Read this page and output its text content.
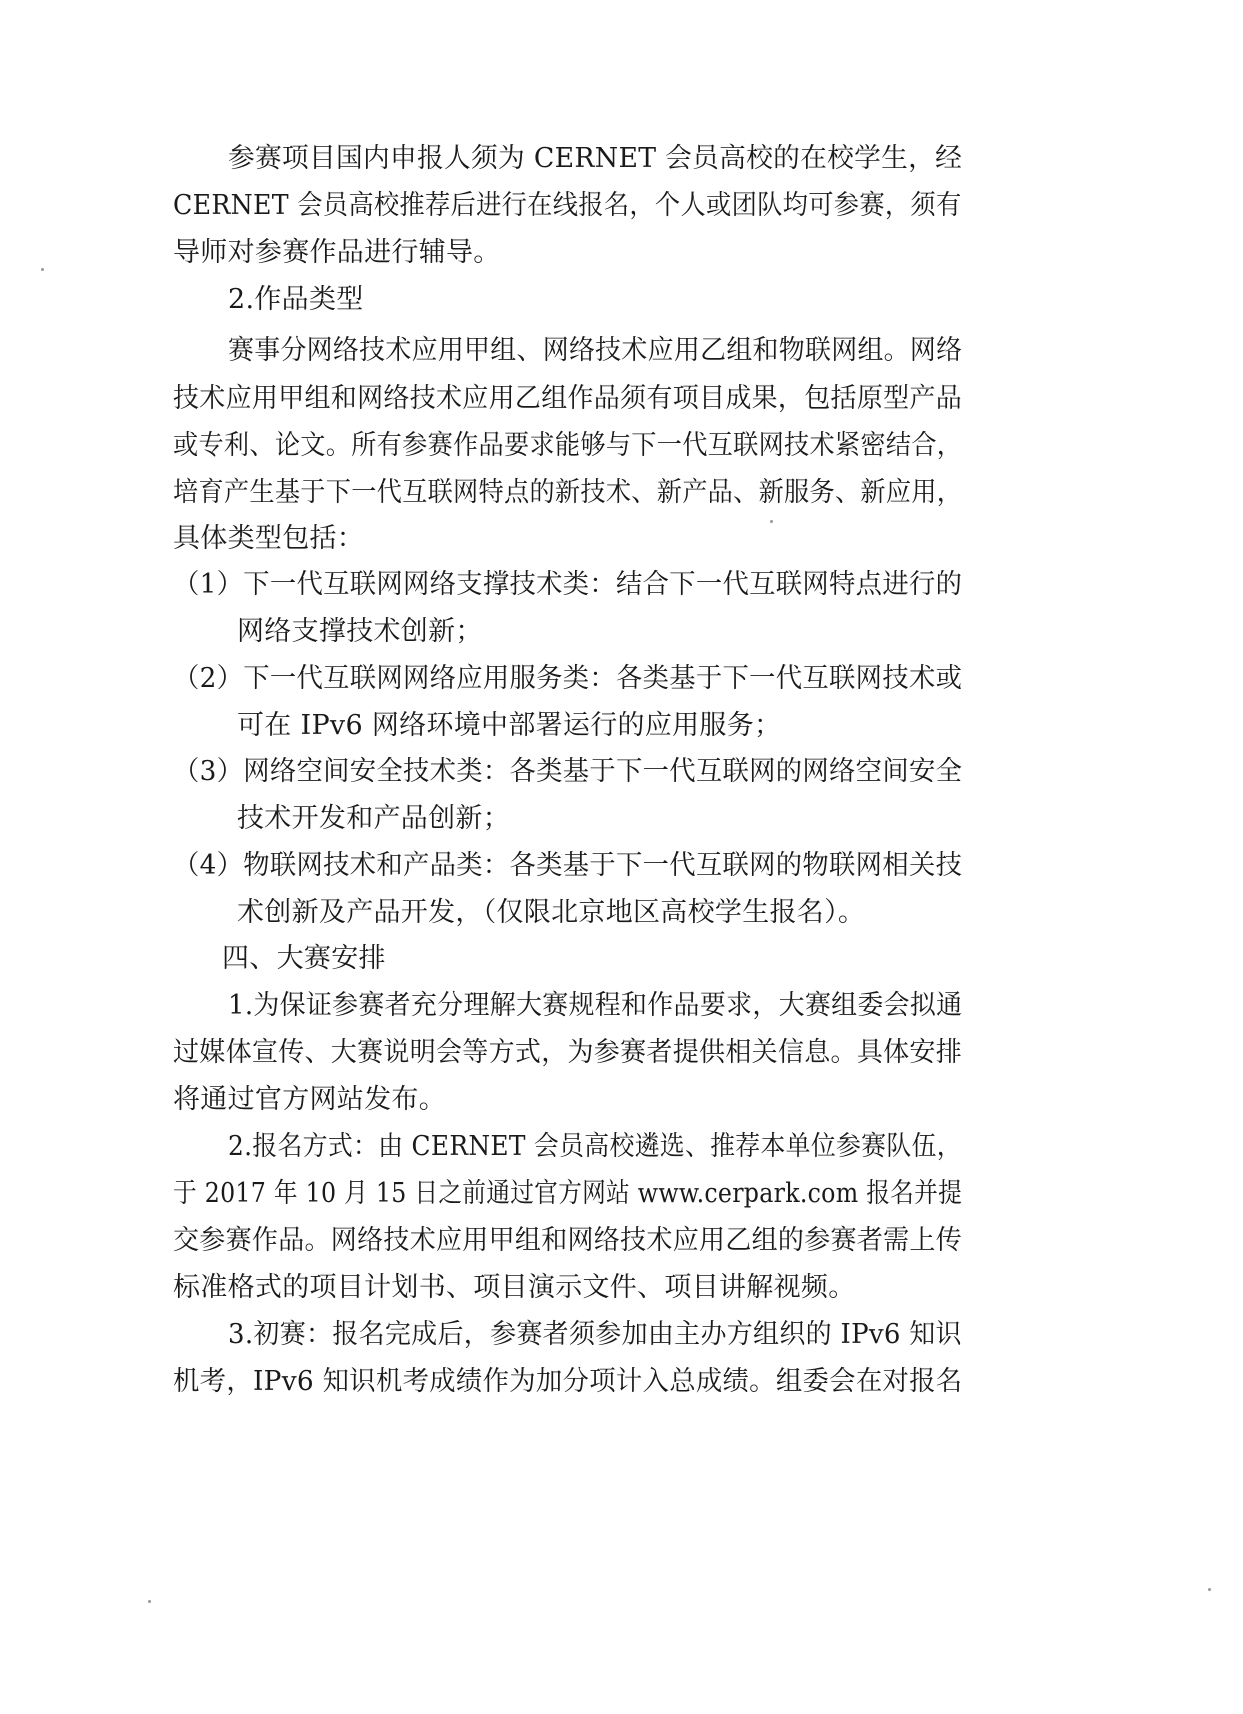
参赛项目国内申报人须为 CERNET 会员高校的在校学生，经
CERNET 会员高校推荐后进行在线报名，个人或团队均可参赛，须有
导师对参赛作品进行辅导。
2.作品类型
赛事分网络技术应用甲组、网络技术应用乙组和物联网组。网络
技术应用甲组和网络技术应用乙组作品须有项目成果，包括原型产品
或专利、论文。所有参赛作品要求能够与下一代互联网技术紧密结合，
培育产生基于下一代互联网特点的新技术、新产品、新服务、新应用，
具体类型包括：
（1）下一代互联网网络支撑技术类：结合下一代互联网特点进行的
网络支撑技术创新；
（2）下一代互联网网络应用服务类：各类基于下一代互联网技术或
可在 IPv6 网络环境中部署运行的应用服务；
（3）网络空间安全技术类：各类基于下一代互联网的网络空间安全
技术开发和产品创新；
（4）物联网技术和产品类：各类基于下一代互联网的物联网相关技
术创新及产品开发，（仅限北京地区高校学生报名）。
四、大赛安排
1.为保证参赛者充分理解大赛规程和作品要求，大赛组委会拟通
过媒体宣传、大赛说明会等方式，为参赛者提供相关信息。具体安排
将通过官方网站发布。
2.报名方式：由 CERNET 会员高校遴选、推荐本单位参赛队伍，
于 2017 年 10 月 15 日之前通过官方网站 www.cerpark.com 报名并提
交参赛作品。网络技术应用甲组和网络技术应用乙组的参赛者需上传
标准格式的项目计划书、项目演示文件、项目讲解视频。
3.初赛：报名完成后，参赛者须参加由主办方组织的 IPv6 知识
机考，IPv6 知识机考成绩作为加分项计入总成绩。组委会在对报名
